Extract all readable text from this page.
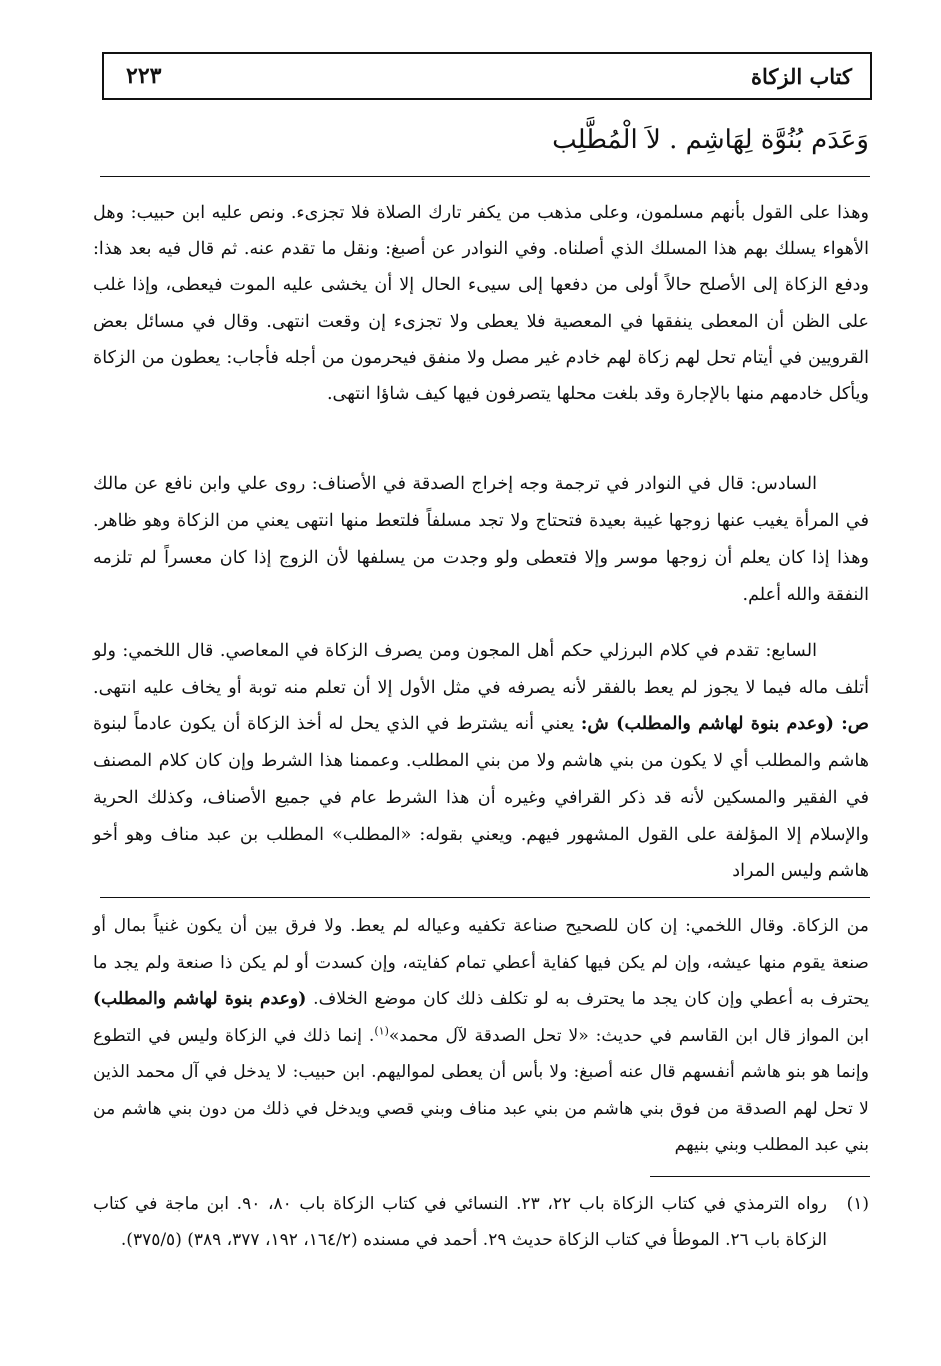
كتاب الزكاة
٢٢٣
وَعَدَم بُنُوَّة لِهَاشِم . لاَ الْمُطَّلِب

وهذا على القول بأنهم مسلمون، وعلى مذهب من يكفر تارك الصلاة فلا تجزىء. ونص عليه ابن حبيب: وهل الأهواء يسلك بهم هذا المسلك الذي أصلناه. وفي النوادر عن أصبغ: ونقل ما تقدم عنه. ثم قال فيه بعد هذا: ودفع الزكاة إلى الأصلح حالاً أولى من دفعها إلى سيىء الحال إلا أن يخشى عليه الموت فيعطى، وإذا غلب على الظن أن المعطى ينفقها في المعصية فلا يعطى ولا تجزىء إن وقعت انتهى. وقال في مسائل بعض القرويين في أيتام تحل لهم زكاة لهم خادم غير مصل ولا منفق فيحرمون من أجله فأجاب: يعطون من الزكاة ويأكل خادمهم منها بالإجارة وقد بلغت محلها يتصرفون فيها كيف شاؤا انتهى.

السادس: قال في النوادر في ترجمة وجه إخراج الصدقة في الأصناف: روى علي وابن نافع عن مالك في المرأة يغيب عنها زوجها غيبة بعيدة فتحتاج ولا تجد مسلفاً فلتعط منها انتهى يعني من الزكاة وهو ظاهر. وهذا إذا كان يعلم أن زوجها موسر وإلا فتعطى ولو وجدت من يسلفها لأن الزوج إذا كان معسراً لم تلزمه النفقة والله أعلم.

السابع: تقدم في كلام البرزلي حكم أهل المجون ومن يصرف الزكاة في المعاصي. قال اللخمي: ولو أتلف ماله فيما لا يجوز لم يعط بالفقر لأنه يصرفه في مثل الأول إلا أن تعلم منه توبة أو يخاف عليه انتهى. ص: (وعدم بنوة لهاشم والمطلب) ش: يعني أنه يشترط في الذي يحل له أخذ الزكاة أن يكون عادماً لبنوة هاشم والمطلب أي لا يكون من بني هاشم ولا من بني المطلب. وعممنا هذا الشرط وإن كان كلام المصنف في الفقير والمسكين لأنه قد ذكر القرافي وغيره أن هذا الشرط عام في جميع الأصناف، وكذلك الحرية والإسلام إلا المؤلفة على القول المشهور فيهم. ويعني بقوله: «المطلب» المطلب بن عبد مناف وهو أخو هاشم وليس المراد

من الزكاة. وقال اللخمي: إن كان للصحيح صناعة تكفيه وعياله لم يعط. ولا فرق بين أن يكون غنياً بمال أو صنعة يقوم منها عيشه، وإن لم يكن فيها كفاية أعطي تمام كفايته، وإن كسدت أو لم يكن ذا صنعة ولم يجد ما يحترف به أعطي وإن كان يجد ما يحترف به لو تكلف ذلك كان موضع الخلاف. (وعدم بنوة لهاشم والمطلب) ابن المواز قال ابن القاسم في حديث: «لا تحل الصدقة لآل محمد»$^{(١)}$. إنما ذلك في الزكاة وليس في التطوع وإنما هو بنو هاشم أنفسهم قال عنه أصبغ: ولا بأس أن يعطى لمواليهم. ابن حبيب: لا يدخل في آل محمد الذين لا تحل لهم الصدقة من فوق بني هاشم من بني عبد مناف وبني قصي ويدخل في ذلك من دون بني هاشم من بني عبد المطلب وبني بنيهم

(١)
رواه الترمذي في كتاب الزكاة باب ٢٢، ٢٣. النسائي في كتاب الزكاة باب ٨٠، ٩٠. ابن ماجة في كتاب الزكاة باب ٢٦. الموطأ في كتاب الزكاة حديث ٢٩. أحمد في مسنده (١٦٤/٢، ١٩٢، ٣٧٧، ٣٨٩) (٣٧٥/٥).
